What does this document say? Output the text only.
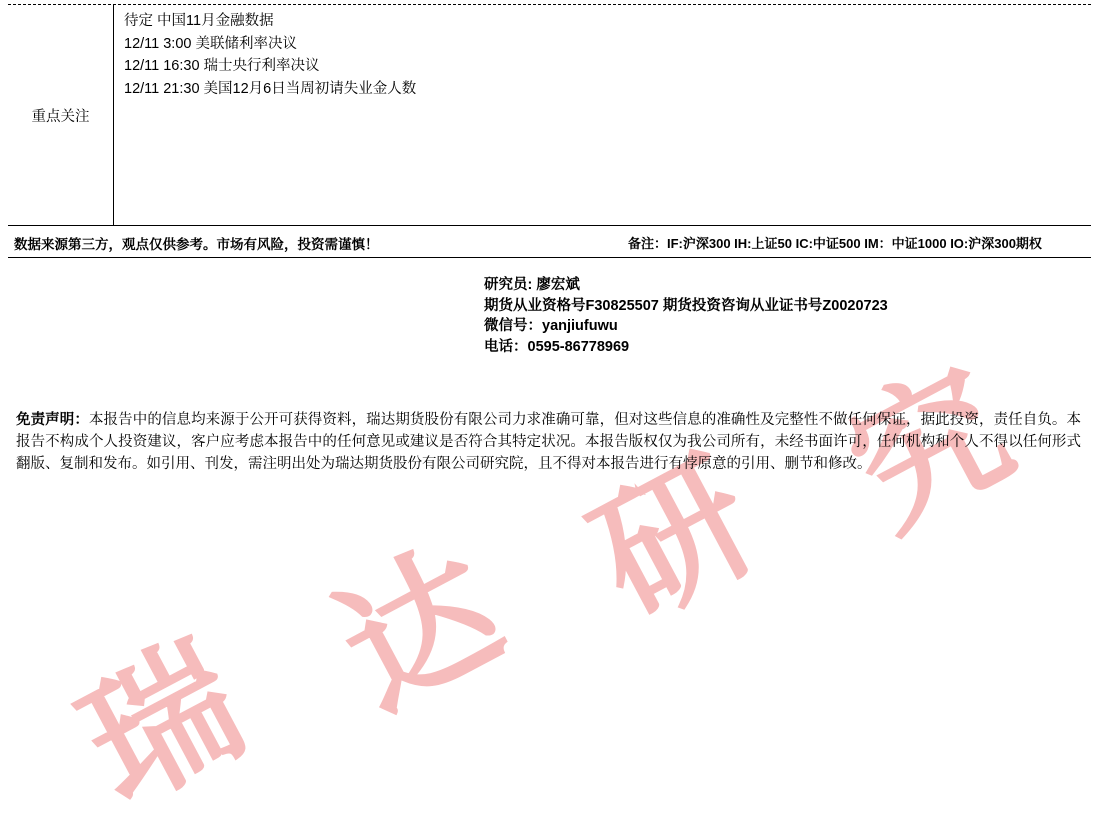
瑞 达 研 究
重点关注
待定 中国11月金融数据
12/11 3:00 美联储利率决议
12/11 16:30 瑞士央行利率决议
12/11 21:30 美国12月6日当周初请失业金人数
数据来源第三方，观点仅供参考。市场有风险，投资需谨慎！	备注：IF:沪深300 IH:上证50 IC:中证500 IM：中证1000 IO:沪深300期权
研究员: 廖宏斌
期货从业资格号F30825507 期货投资咨询从业证书号Z0020723
微信号：yanjiufuwu
电话：0595-86778969
免责声明：本报告中的信息均来源于公开可获得资料，瑞达期货股份有限公司力求准确可靠，但对这些信息的准确性及完整性不做任何保证，据此投资，责任自负。本报告不构成个人投资建议，客户应考虑本报告中的任何意见或建议是否符合其特定状况。本报告版权仅为我公司所有，未经书面许可，任何机构和个人不得以任何形式翻版、复制和发布。如引用、刊发，需注明出处为瑞达期货股份有限公司研究院，且不得对本报告进行有悖原意的引用、删节和修改。
